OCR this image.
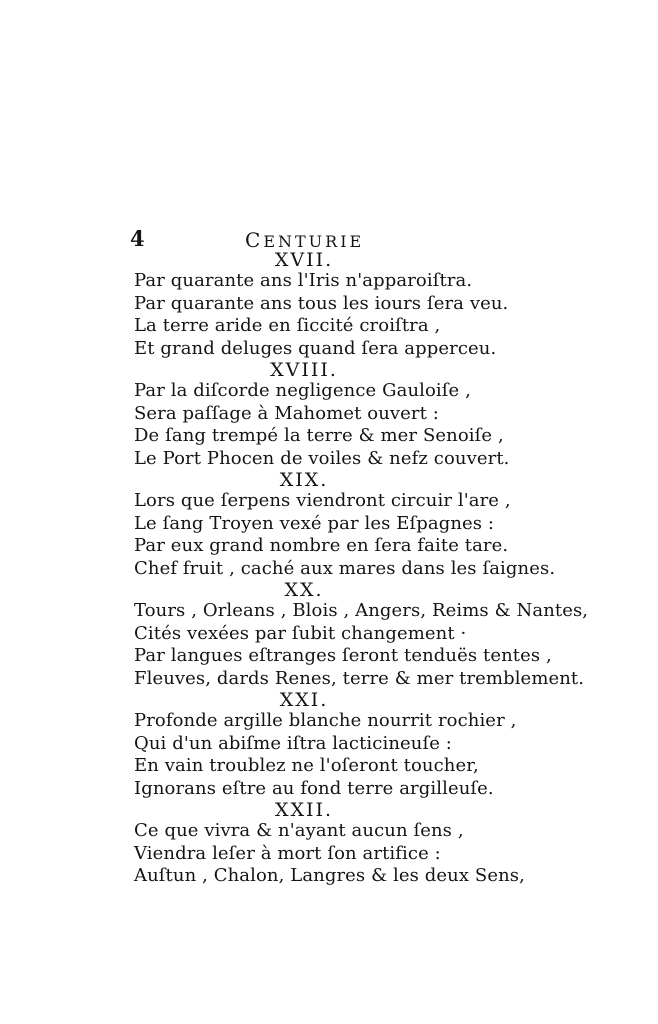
4	CENTURIE
XVII.
Par quarante ans l'Iris n'apparoiſtra.
Par quarante ans tous les iours ſera veu.
La terre aride en ſiccité croiſtra ,
Et grand deluges quand ſera apperceu.
XVIII.
Par la diſcorde negligence Gauloiſe ,
Sera paſſage à Mahomet ouvert :
De ſang trempé la terre & mer Senoiſe ,
Le Port Phocen de voiles & nefz couvert.
XIX.
Lors que ſerpens viendront circuir l'are ,
Le ſang Troyen vexé par les Eſpagnes :
Par eux grand nombre en ſera faite tare.
Chef fruit , caché aux mares dans les ſaignes.
XX.
Tours , Orleans , Blois , Angers, Reims & Nantes,
Cités vexées par ſubit changement ·
Par langues eſtranges ſeront tenduës tentes ,
Fleuves, dards Renes, terre & mer tremblement.
XXI.
Profonde argille blanche nourrit rochier ,
Qui d'un abiſme iſtra lacticineuſe :
En vain troublez ne l'oſeront toucher,
Ignorans eſtre au fond terre argilleuſe.
XXII.
Ce que vivra & n'ayant aucun ſens ,
Viendra leſer à mort ſon artifice :
Auſtun , Chalon, Langres & les deux Sens,
